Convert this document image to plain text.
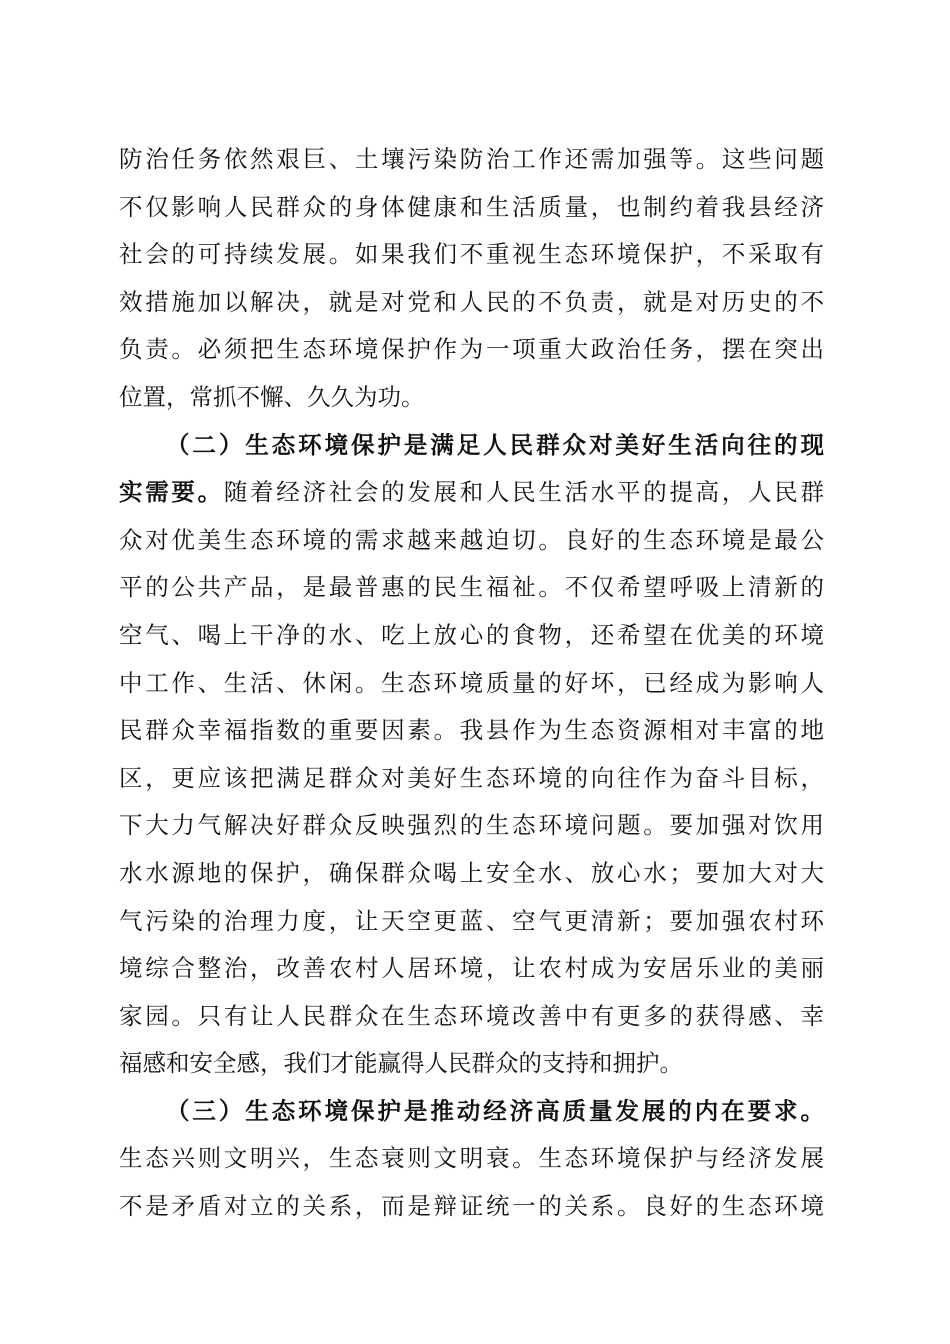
防治任务依然艰巨、土壤污染防治工作还需加强等。这些问题
不仅影响人民群众的身体健康和生活质量，也制约着我县经济
社会的可持续发展。如果我们不重视生态环境保护，不采取有
效措施加以解决，就是对党和人民的不负责，就是对历史的不
负责。必须把生态环境保护作为一项重大政治任务，摆在突出
位置，常抓不懈、久久为功。
（二）生态环境保护是满足人民群众对美好生活向往的现
实需要。随着经济社会的发展和人民生活水平的提高，人民群
众对优美生态环境的需求越来越迫切。良好的生态环境是最公
平的公共产品，是最普惠的民生福祉。不仅希望呼吸上清新的
空气、喝上干净的水、吃上放心的食物，还希望在优美的环境
中工作、生活、休闲。生态环境质量的好坏，已经成为影响人
民群众幸福指数的重要因素。我县作为生态资源相对丰富的地
区，更应该把满足群众对美好生态环境的向往作为奋斗目标，
下大力气解决好群众反映强烈的生态环境问题。要加强对饮用
水水源地的保护，确保群众喝上安全水、放心水；要加大对大
气污染的治理力度，让天空更蓝、空气更清新；要加强农村环
境综合整治，改善农村人居环境，让农村成为安居乐业的美丽
家园。只有让人民群众在生态环境改善中有更多的获得感、幸
福感和安全感，我们才能赢得人民群众的支持和拥护。
（三）生态环境保护是推动经济高质量发展的内在要求。
生态兴则文明兴，生态衰则文明衰。生态环境保护与经济发展
不是矛盾对立的关系，而是辩证统一的关系。良好的生态环境
